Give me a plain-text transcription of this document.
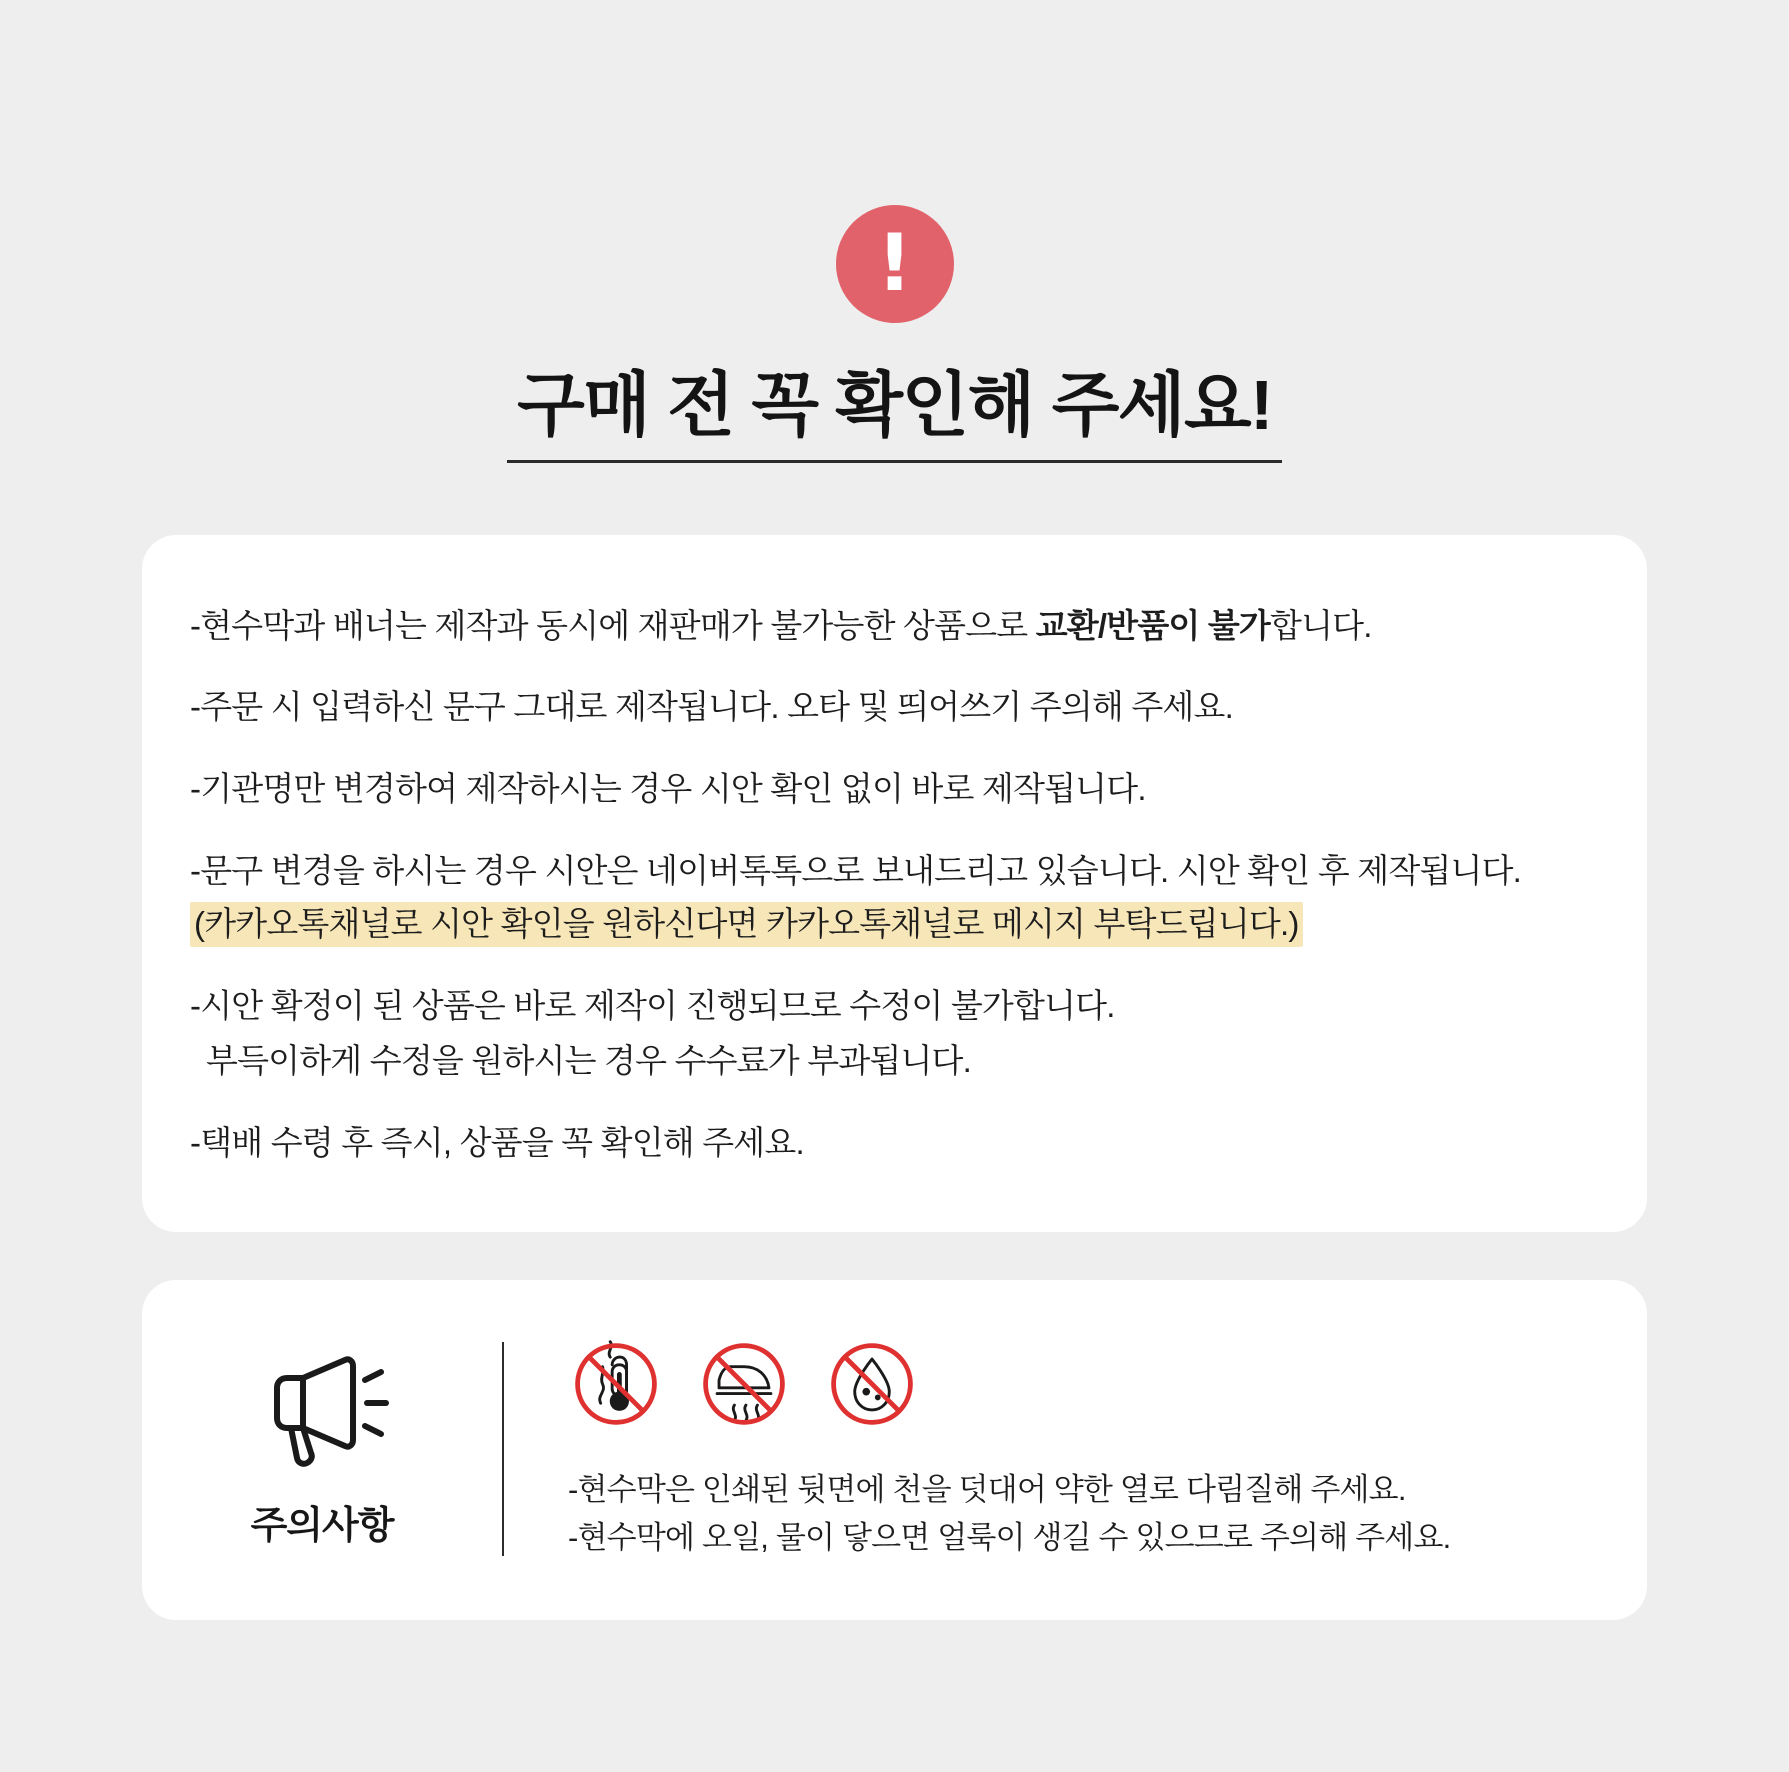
!
구매 전 꼭 확인해 주세요!
-현수막과 배너는 제작과 동시에 재판매가 불가능한 상품으로 교환/반품이 불가합니다.
-주문 시 입력하신 문구 그대로 제작됩니다. 오타 및 띄어쓰기 주의해 주세요.
-기관명만 변경하여 제작하시는 경우 시안 확인 없이 바로 제작됩니다.
-문구 변경을 하시는 경우 시안은 네이버톡톡으로 보내드리고 있습니다. 시안 확인 후 제작됩니다.
(카카오톡채널로 시안 확인을 원하신다면 카카오톡채널로 메시지 부탁드립니다.)
-시안 확정이 된 상품은 바로 제작이 진행되므로 수정이 불가합니다.
부득이하게 수정을 원하시는 경우 수수료가 부과됩니다.
-택배 수령 후 즉시, 상품을 꼭 확인해 주세요.
주의사항
-현수막은 인쇄된 뒷면에 천을 덧대어 약한 열로 다림질해 주세요.
-현수막에 오일, 물이 닿으면 얼룩이 생길 수 있으므로 주의해 주세요.
